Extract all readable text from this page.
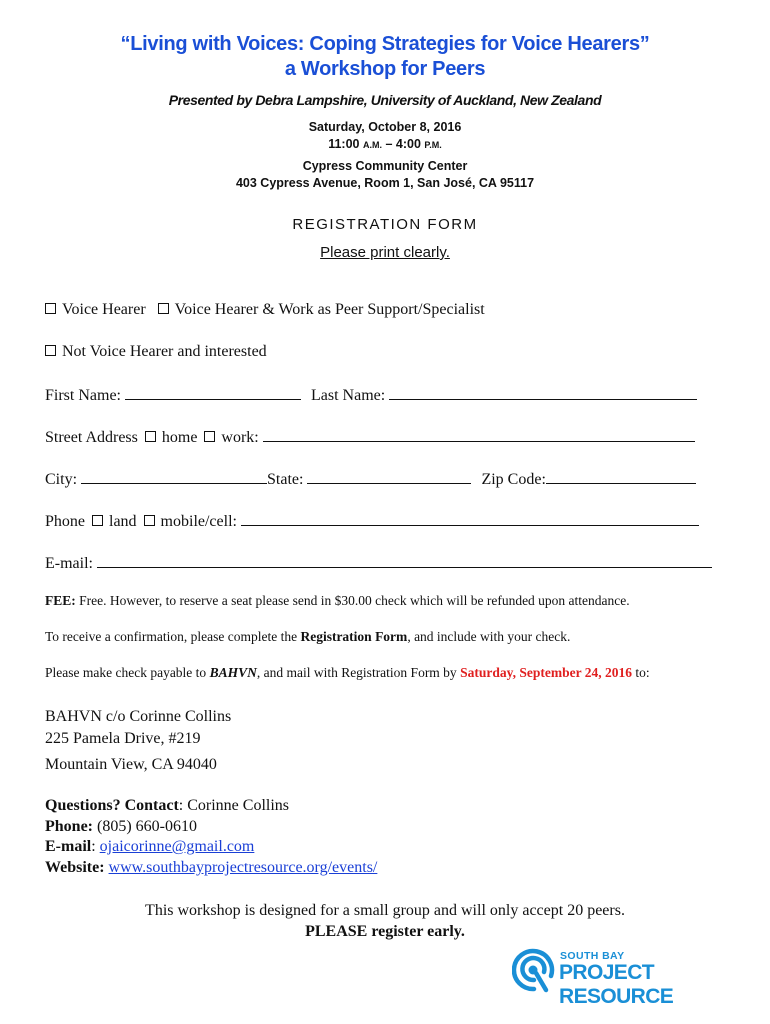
“Living with Voices: Coping Strategies for Voice Hearers”
a Workshop for Peers
Presented by Debra Lampshire, University of Auckland, New Zealand
Saturday, October 8, 2016
11:00 A.M. – 4:00 P.M.
Cypress Community Center
403 Cypress Avenue, Room 1, San José, CA 95117
REGISTRATION FORM
Please print clearly.
Voice Hearer Voice Hearer & Work as Peer Support/Specialist
Not Voice Hearer and interested
First Name:	Last Name:
Street Address home work:
City:	State:	Zip Code:
Phone land mobile/cell:
E-mail:
FEE: Free. However, to reserve a seat please send in $30.00 check which will be refunded upon attendance.
To receive a confirmation, please complete the Registration Form, and include with your check.
Please make check payable to BAHVN, and mail with Registration Form by Saturday, September 24, 2016 to:
BAHVN c/o Corinne Collins
225 Pamela Drive, #219
Mountain View, CA 94040
Questions? Contact: Corinne Collins
Phone: (805) 660-0610
E-mail: ojaicorinne@gmail.com
Website: www.southbayprojectresource.org/events/
This workshop is designed for a small group and will only accept 20 peers.
PLEASE register early.
SOUTH BAY
PROJECT RESOURCE
